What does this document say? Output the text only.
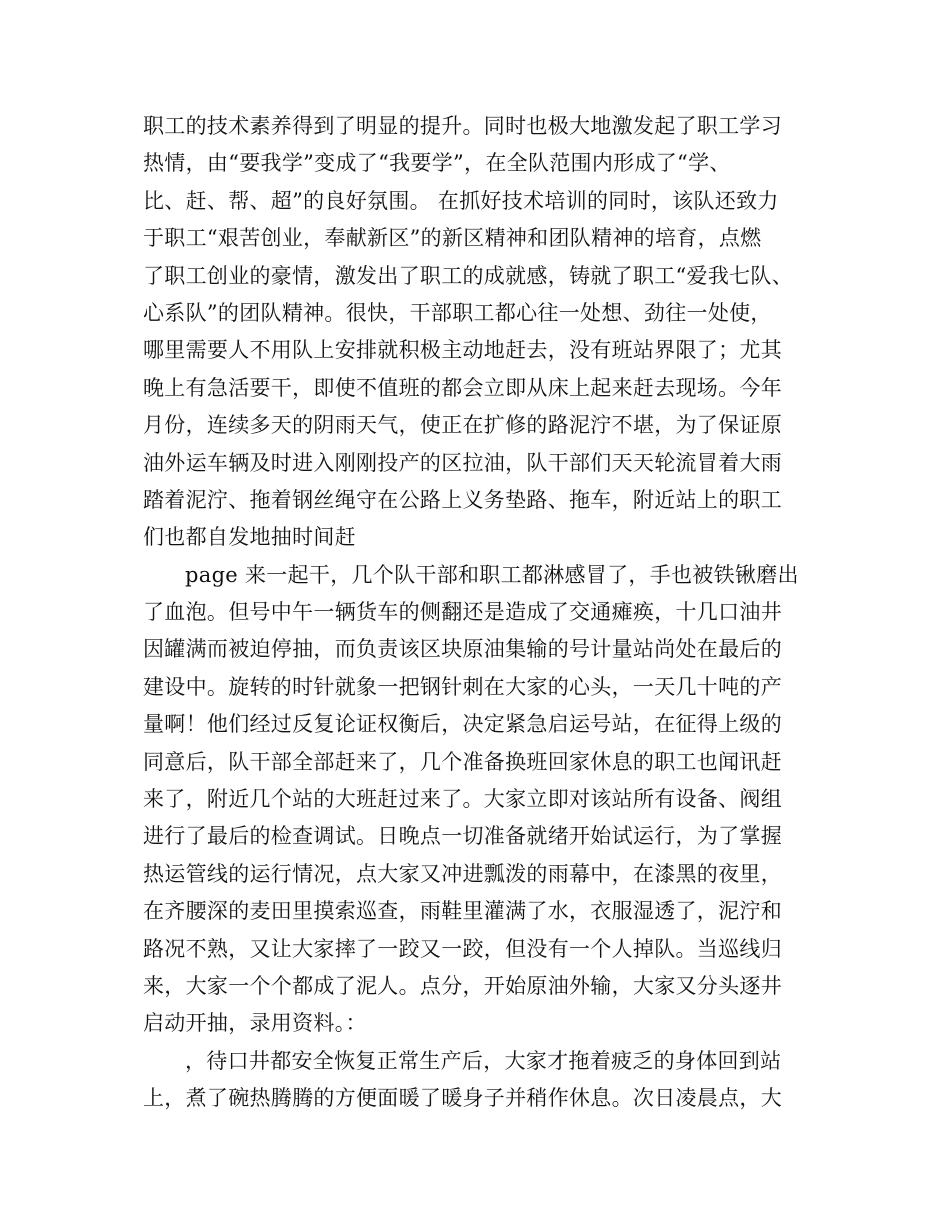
职工的技术素养得到了明显的提升。同时也极大地激发起了职工学习
热情，由“要我学”变成了“我要学”，在全队范围内形成了“学、
比、赶、帮、超”的良好氛围。 在抓好技术培训的同时，该队还致力
于职工“艰苦创业，奉献新区”的新区精神和团队精神的培育，点燃
了职工创业的豪情，激发出了职工的成就感，铸就了职工“爱我七队、
心系队”的团队精神。很快，干部职工都心往一处想、劲往一处使，
哪里需要人不用队上安排就积极主动地赶去，没有班站界限了；尤其
晚上有急活要干，即使不值班的都会立即从床上起来赶去现场。今年
月份，连续多天的阴雨天气，使正在扩修的路泥泞不堪，为了保证原
油外运车辆及时进入刚刚投产的区拉油，队干部们天天轮流冒着大雨
踏着泥泞、拖着钢丝绳守在公路上义务垫路、拖车，附近站上的职工
们也都自发地抽时间赶
page 来一起干，几个队干部和职工都淋感冒了，手也被铁锹磨出
了血泡。但号中午一辆货车的侧翻还是造成了交通瘫痪，十几口油井
因罐满而被迫停抽，而负责该区块原油集输的号计量站尚处在最后的
建设中。旋转的时针就象一把钢针刺在大家的心头，一天几十吨的产
量啊！他们经过反复论证权衡后，决定紧急启运号站，在征得上级的
同意后，队干部全部赶来了，几个准备换班回家休息的职工也闻讯赶
来了，附近几个站的大班赶过来了。大家立即对该站所有设备、阀组
进行了最后的检查调试。日晚点一切准备就绪开始试运行，为了掌握
热运管线的运行情况，点大家又冲进瓢泼的雨幕中，在漆黑的夜里，
在齐腰深的麦田里摸索巡查，雨鞋里灌满了水，衣服湿透了，泥泞和
路况不熟，又让大家摔了一跤又一跤，但没有一个人掉队。当巡线归
来，大家一个个都成了泥人。点分，开始原油外输，大家又分头逐井
启动开抽，录用资料。：
，待口井都安全恢复正常生产后，大家才拖着疲乏的身体回到站
上，煮了碗热腾腾的方便面暖了暖身子并稍作休息。次日凌晨点，大
